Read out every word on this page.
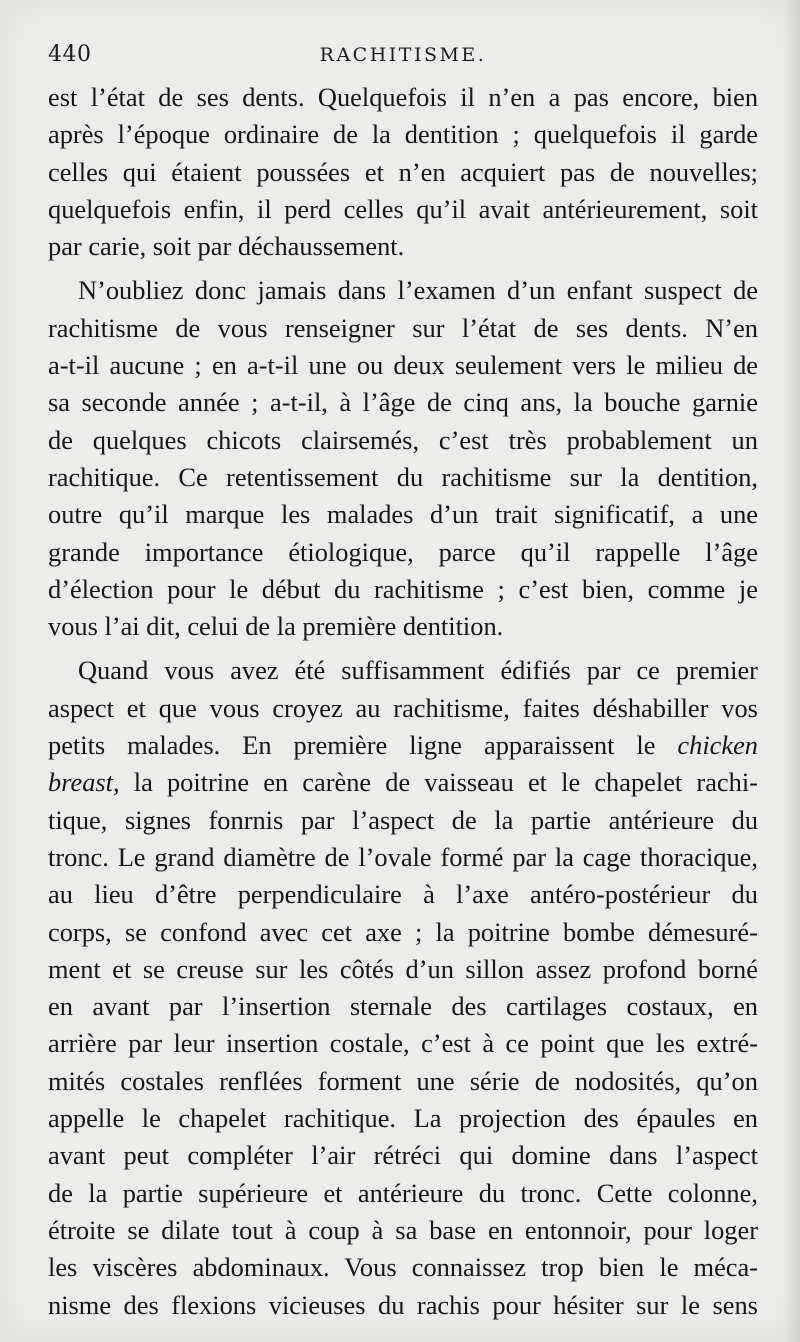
440	RACHITISME.
est l’état de ses dents. Quelquefois il n’en a pas encore, bien
après l’époque ordinaire de la dentition ; quelquefois il garde
celles qui étaient poussées et n’en acquiert pas de nouvelles;
quelquefois enfin, il perd celles qu’il avait antérieurement, soit
par carie, soit par déchaussement.
N’oubliez donc jamais dans l’examen d’un enfant suspect de
rachitisme de vous renseigner sur l’état de ses dents. N’en
a-t-il aucune ; en a-t-il une ou deux seulement vers le milieu de
sa seconde année ; a-t-il, à l’âge de cinq ans, la bouche garnie
de quelques chicots clairsemés, c’est très probablement un
rachitique. Ce retentissement du rachitisme sur la dentition,
outre qu’il marque les malades d’un trait significatif, a une
grande importance étiologique, parce qu’il rappelle l’âge
d’élection pour le début du rachitisme ; c’est bien, comme je
vous l’ai dit, celui de la première dentition.
Quand vous avez été suffisamment édifiés par ce premier
aspect et que vous croyez au rachitisme, faites déshabiller vos
petits malades. En première ligne apparaissent le chicken
breast, la poitrine en carène de vaisseau et le chapelet rachi-
tique, signes fonrnis par l’aspect de la partie antérieure du
tronc. Le grand diamètre de l’ovale formé par la cage thoracique,
au lieu d’être perpendiculaire à l’axe antéro-postérieur du
corps, se confond avec cet axe ; la poitrine bombe démesuré-
ment et se creuse sur les côtés d’un sillon assez profond borné
en avant par l’insertion sternale des cartilages costaux, en
arrière par leur insertion costale, c’est à ce point que les extré-
mités costales renflées forment une série de nodosités, qu’on
appelle le chapelet rachitique. La projection des épaules en
avant peut compléter l’air rétréci qui domine dans l’aspect
de la partie supérieure et antérieure du tronc. Cette colonne,
étroite se dilate tout à coup à sa base en entonnoir, pour loger
les viscères abdominaux. Vous connaissez trop bien le méca-
nisme des flexions vicieuses du rachis pour hésiter sur le sens
